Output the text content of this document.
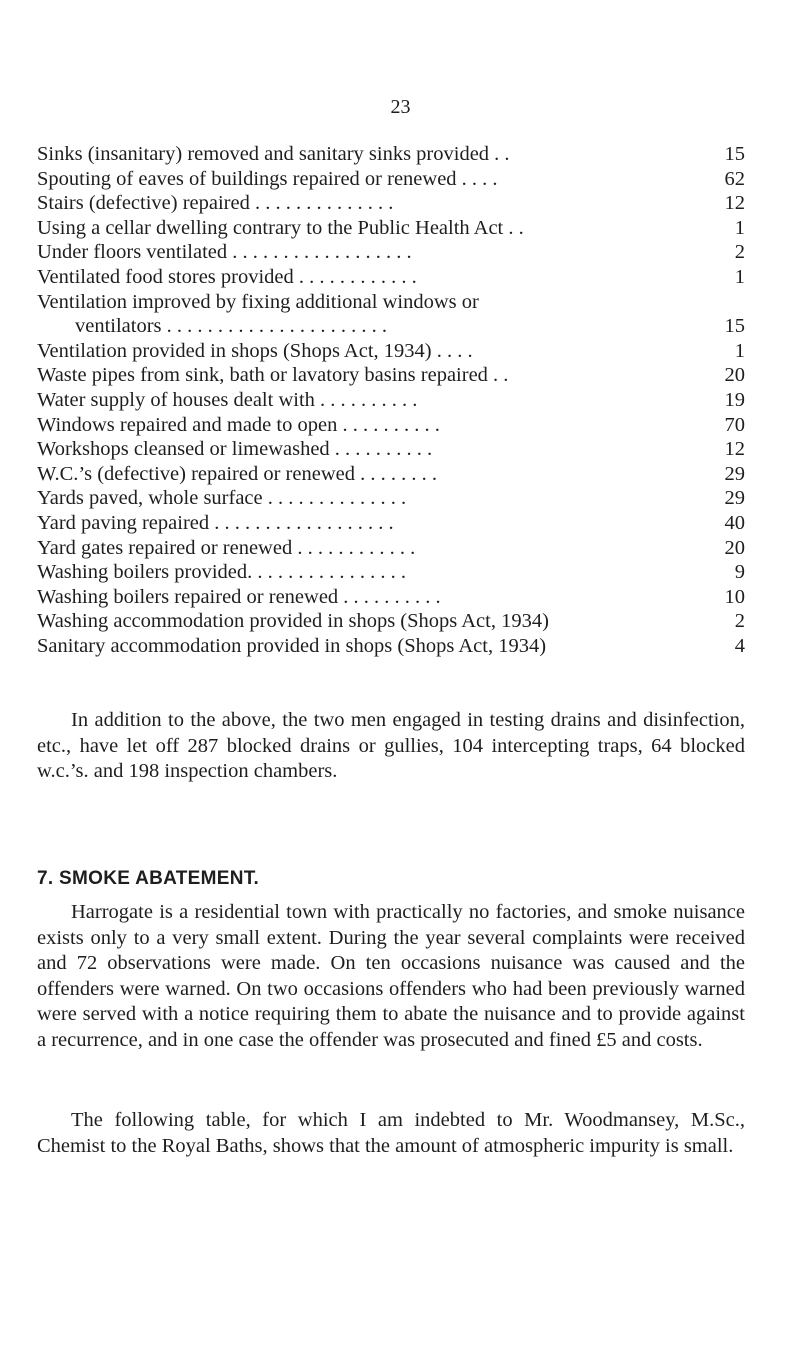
23
Sinks (insanitary) removed and sanitary sinks provided . .	15
Spouting of eaves of buildings repaired or renewed . . . .	62
Stairs (defective) repaired . . . . . . . . . . . . . .	12
Using a cellar dwelling contrary to the Public Health Act . .	1
Under floors ventilated . . . . . . . . . . . . . . . . . .	2
Ventilated food stores provided . . . . . . . . . . . .	1
Ventilation improved by fixing additional windows or
ventilators . . . . . . . . . . . . . . . . . . . . . .	15
Ventilation provided in shops (Shops Act, 1934) . . . .	1
Waste pipes from sink, bath or lavatory basins repaired . .	20
Water supply of houses dealt with . . . . . . . . . .	19
Windows repaired and made to open . . . . . . . . . .	70
Workshops cleansed or limewashed . . . . . . . . . .	12
W.C.’s (defective) repaired or renewed . . . . . . . .	29
Yards paved, whole surface . . . . . . . . . . . . . .	29
Yard paving repaired . . . . . . . . . . . . . . . . . .	40
Yard gates repaired or renewed . . . . . . . . . . . .	20
Washing boilers provided. . . . . . . . . . . . . . . .	9
Washing boilers repaired or renewed . . . . . . . . . .	10
Washing accommodation provided in shops (Shops Act, 1934)	2
Sanitary accommodation provided in shops (Shops Act, 1934)	4

In addition to the above, the two men engaged in testing drains and disinfection, etc., have let off 287 blocked drains or gullies, 104 intercepting traps, 64 blocked w.c.’s. and 198 inspection chambers.

7. SMOKE ABATEMENT.

Harrogate is a residential town with practically no factories, and smoke nuisance exists only to a very small extent. During the year several complaints were received and 72 observations were made. On ten occasions nuisance was caused and the offenders were warned. On two occasions offenders who had been previously warned were served with a notice requiring them to abate the nuisance and to provide against a recurrence, and in one case the offender was prosecuted and fined £5 and costs.

The following table, for which I am indebted to Mr. Woodmansey, M.Sc., Chemist to the Royal Baths, shows that the amount of atmospheric impurity is small.
